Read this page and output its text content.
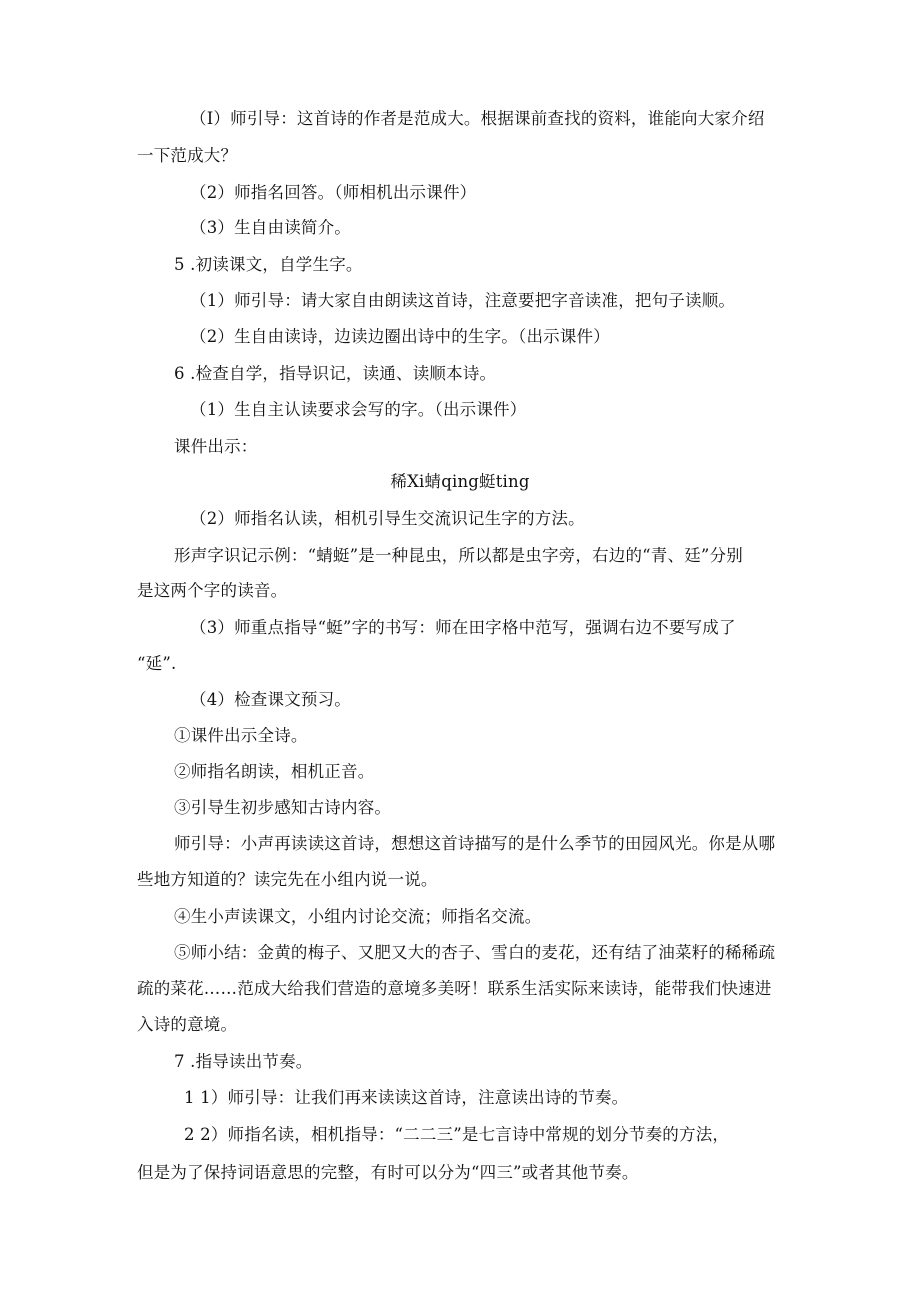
（I）师引导：这首诗的作者是范成大。根据课前查找的资料，谁能向大家介绍
一下范成大？
（2）师指名回答。（师相机出示课件）
（3）生自由读简介。
5 .初读课文，自学生字。
（1）师引导：请大家自由朗读这首诗，注意要把字音读准，把句子读顺。
（2）生自由读诗，边读边圈出诗中的生字。（出示课件）
6 .检查自学，指导识记，读通、读顺本诗。
（1）生自主认读要求会写的字。（出示课件）
课件出示：
稀Xi蜻qing蜓ting
（2）师指名认读，相机引导生交流识记生字的方法。
形声字识记示例：“蜻蜓”是一种昆虫，所以都是虫字旁，右边的“青、廷”分别
是这两个字的读音。
（3）师重点指导“蜓”字的书写：师在田字格中范写，强调右边不要写成了
“延”.
（4）检查课文预习。
①课件出示全诗。
②师指名朗读，相机正音。
③引导生初步感知古诗内容。
师引导：小声再读读这首诗，想想这首诗描写的是什么季节的田园风光。你是从哪
些地方知道的？读完先在小组内说一说。
④生小声读课文，小组内讨论交流；师指名交流。
⑤师小结：金黄的梅子、又肥又大的杏子、雪白的麦花，还有结了油菜籽的稀稀疏
疏的菜花……范成大给我们营造的意境多美呀！联系生活实际来读诗，能带我们快速进
入诗的意境。
7 .指导读出节奏。
1 1）师引导：让我们再来读读这首诗，注意读出诗的节奏。
2 2）师指名读，相机指导：“二二三”是七言诗中常规的划分节奏的方法，
但是为了保持词语意思的完整，有时可以分为“四三”或者其他节奏。
